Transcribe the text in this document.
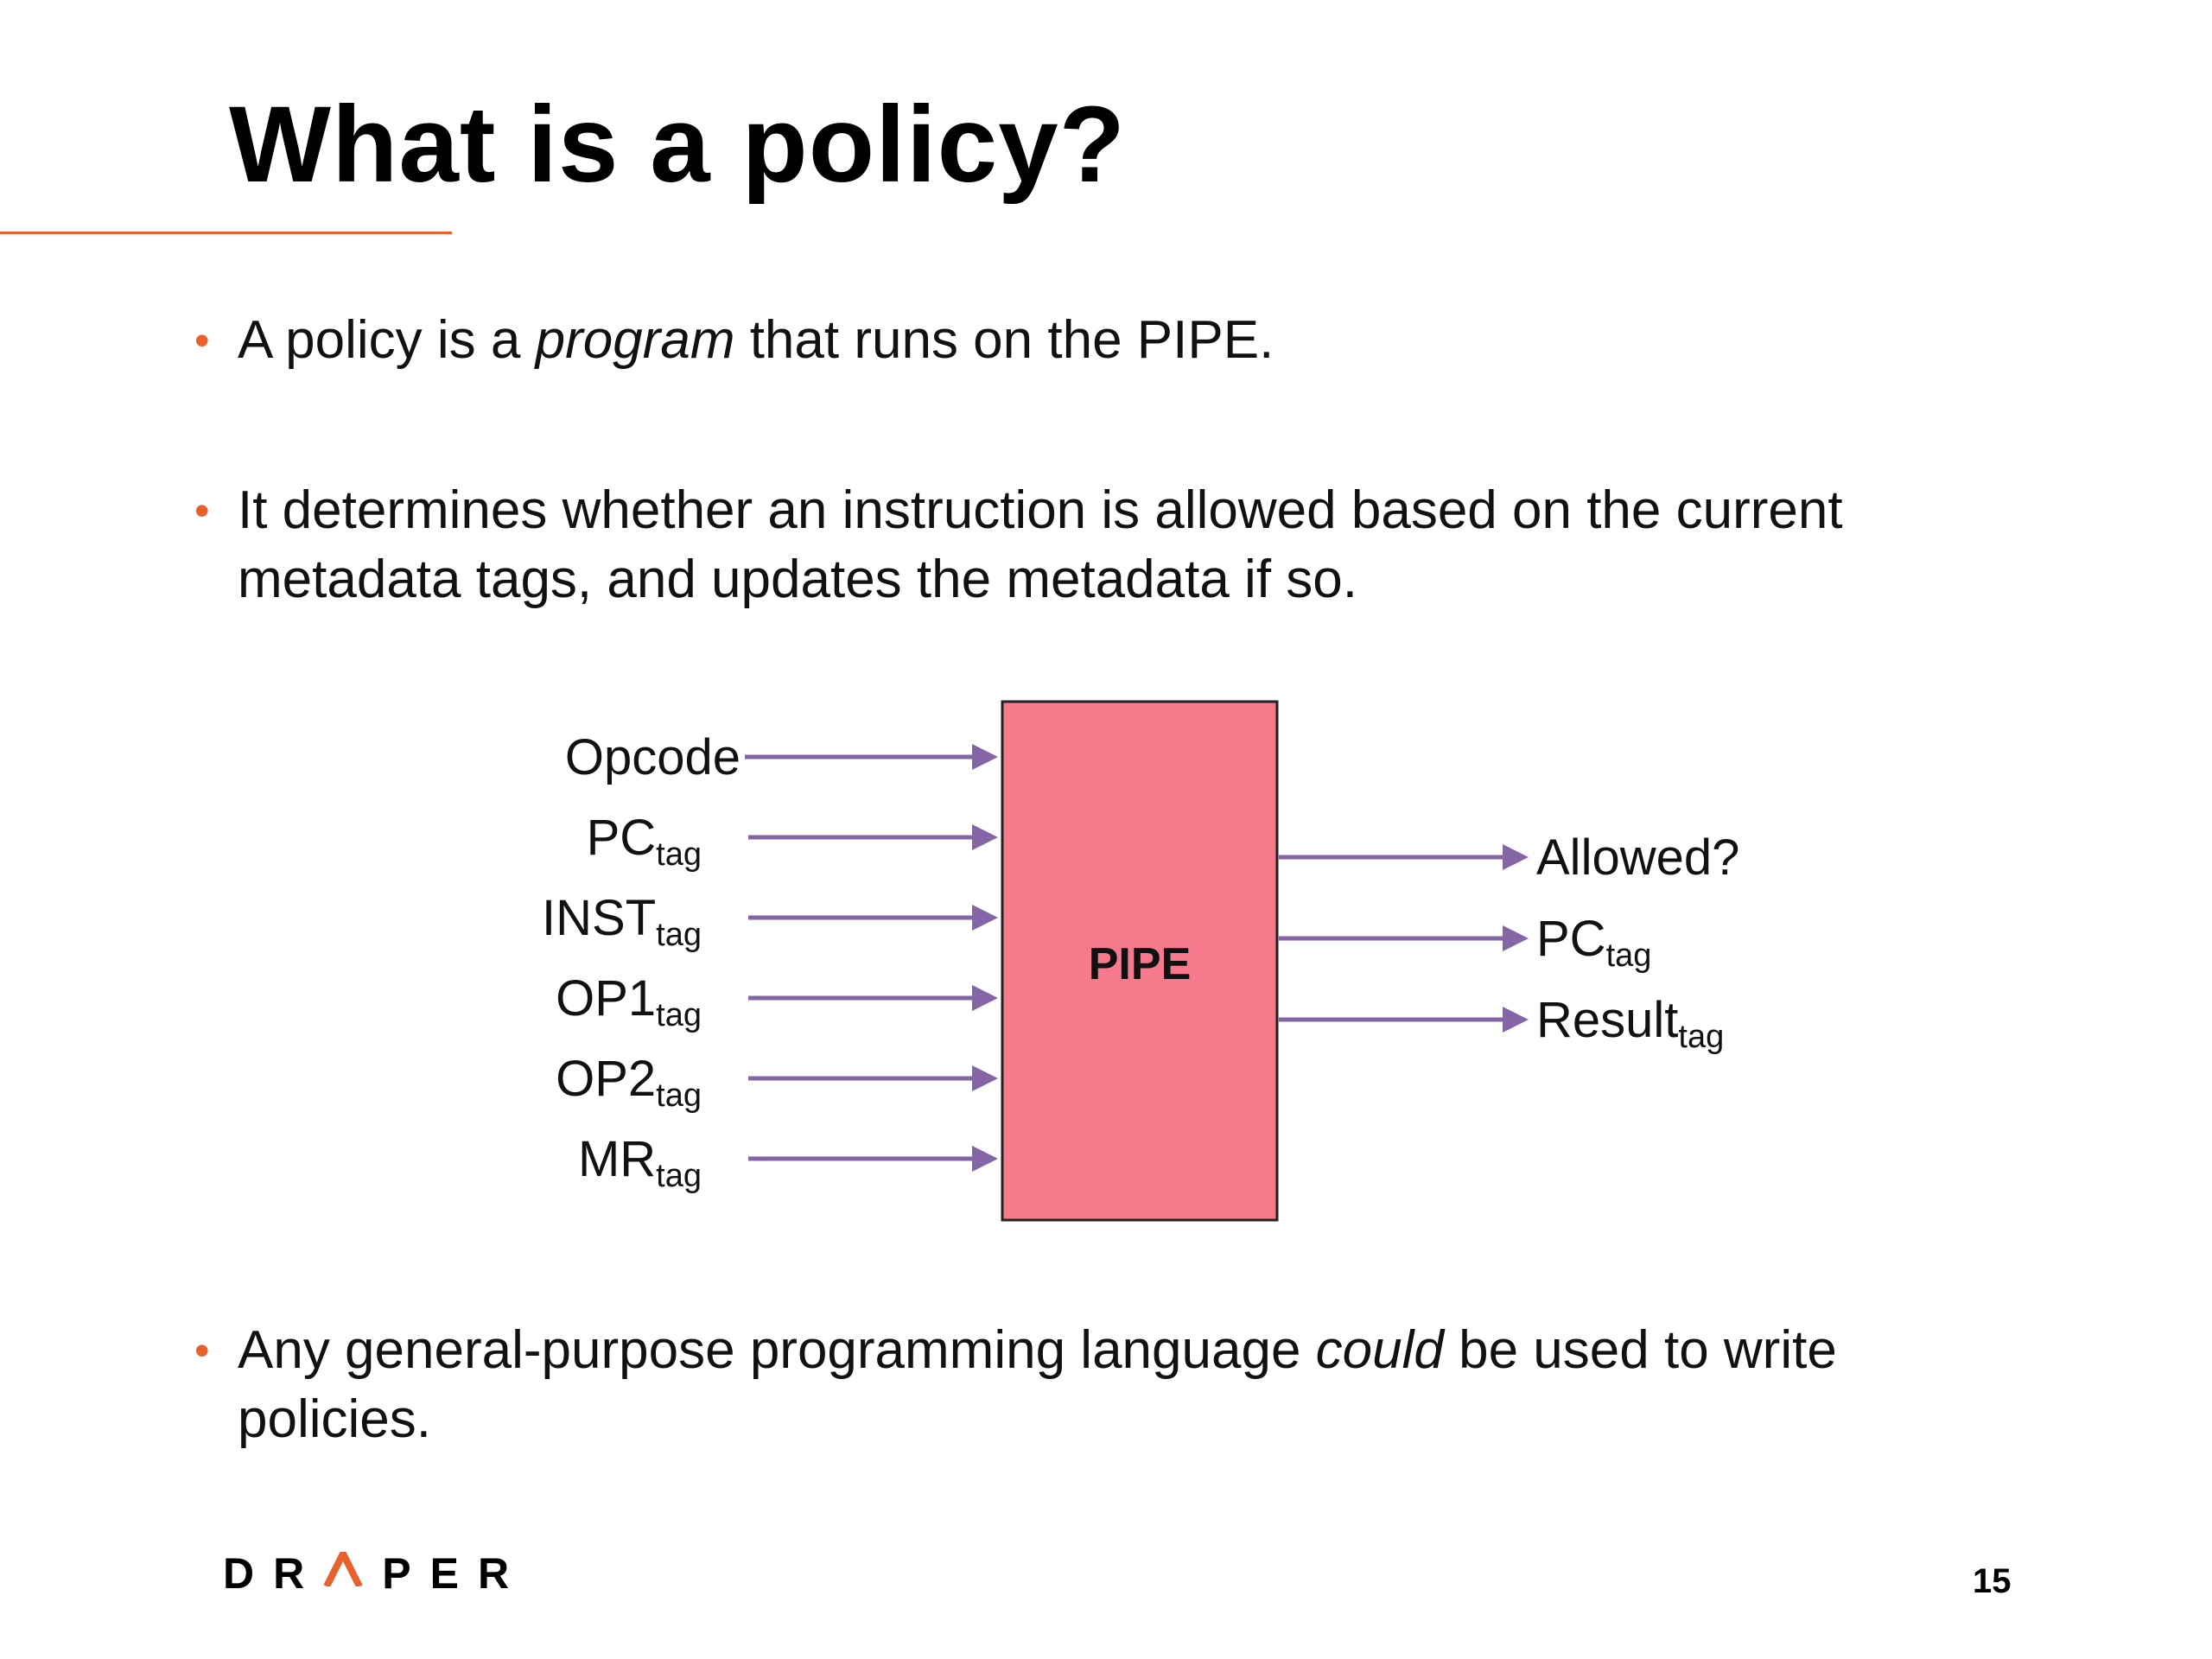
What is a policy?
• A policy is a program that runs on the PIPE.
• It determines whether an instruction is allowed based on the current metadata tags, and updates the metadata if so.
PIPE
Opcode
$PC_{tag}$
$INST_{tag}$
$OP1_{tag}$
$OP2_{tag}$
$MR_{tag}$
Allowed?
$PC_{tag}$
Result$_{tag}$
• Any general-purpose programming language could be used to write policies.
DR PER	15
